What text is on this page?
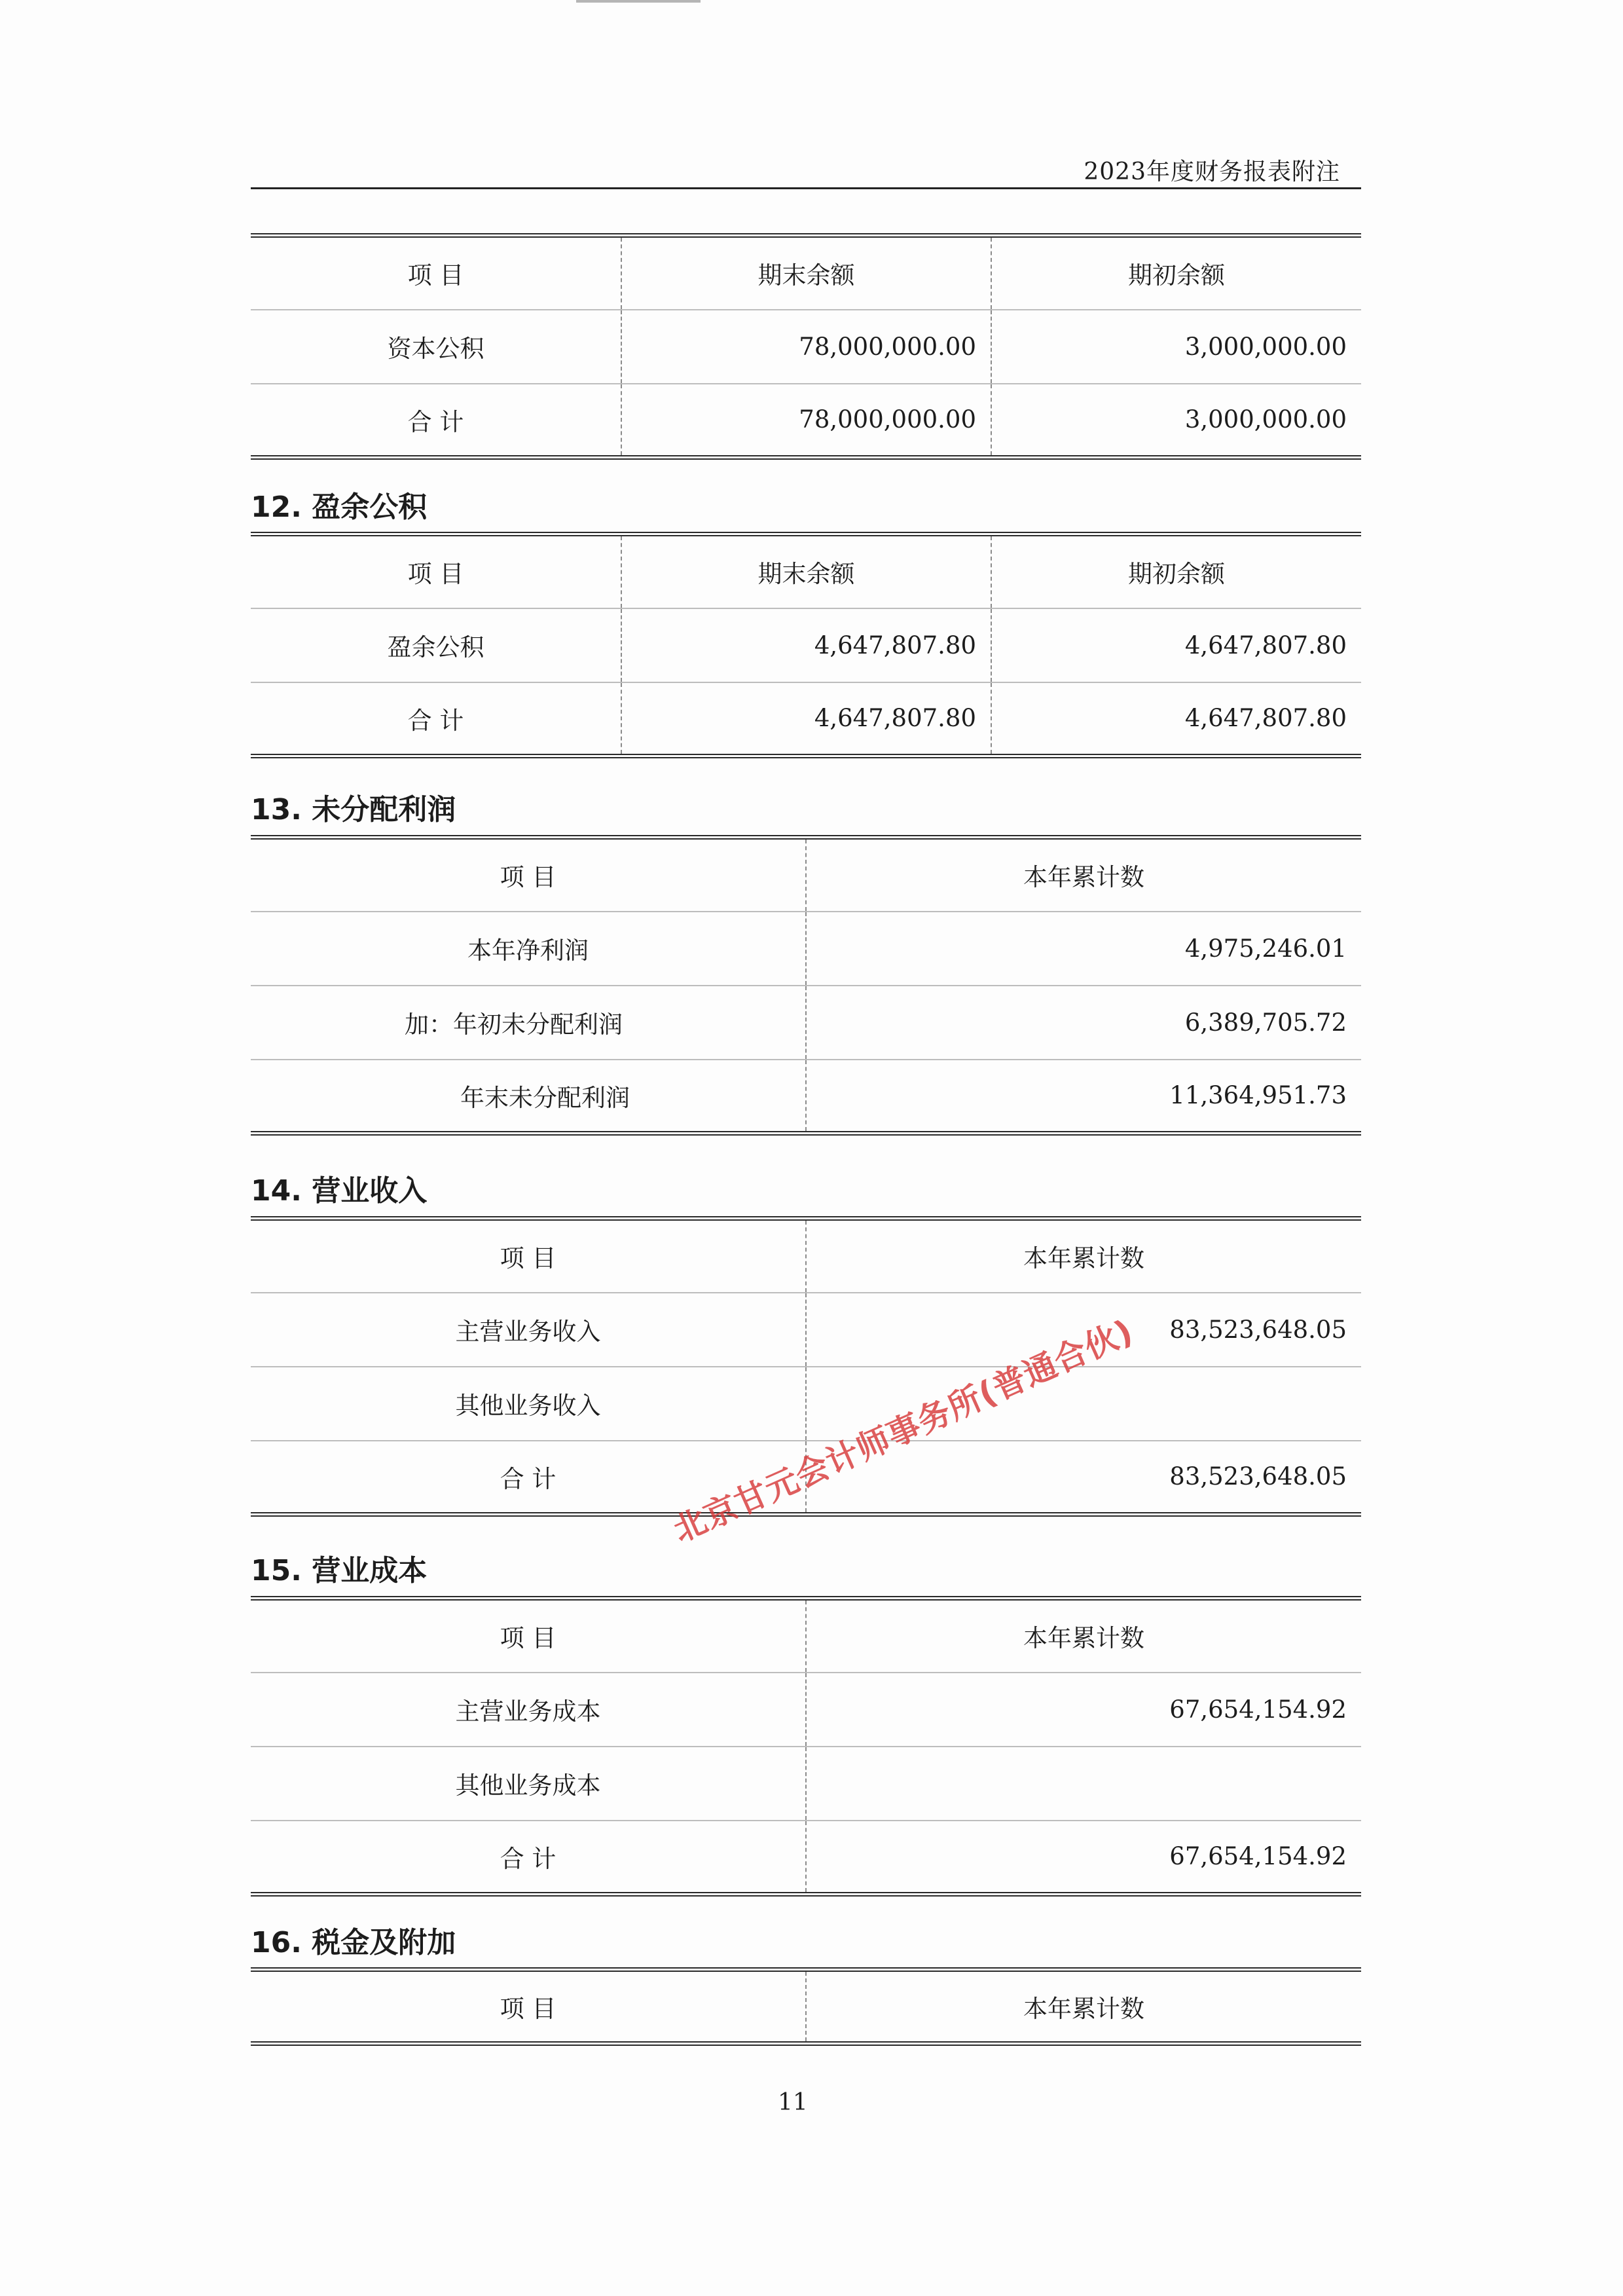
2023年度财务报表附注
项 目	期末余额	期初余额
资本公积	78,000,000.00	3,000,000.00
合 计	78,000,000.00	3,000,000.00
12. 盈余公积
项 目	期末余额	期初余额
盈余公积	4,647,807.80	4,647,807.80
合 计	4,647,807.80	4,647,807.80
13. 未分配利润
项 目	本年累计数
本年净利润	4,975,246.01
加：年初未分配利润	6,389,705.72
年末未分配利润	11,364,951.73
14. 营业收入
项 目	本年累计数
主营业务收入	83,523,648.05
其他业务收入	
合 计	83,523,648.05
15. 营业成本
项 目	本年累计数
主营业务成本	67,654,154.92
其他业务成本	
合 计	67,654,154.92
16. 税金及附加
项 目	本年累计数
北京甘元会计师事务所(普通合伙)
11
